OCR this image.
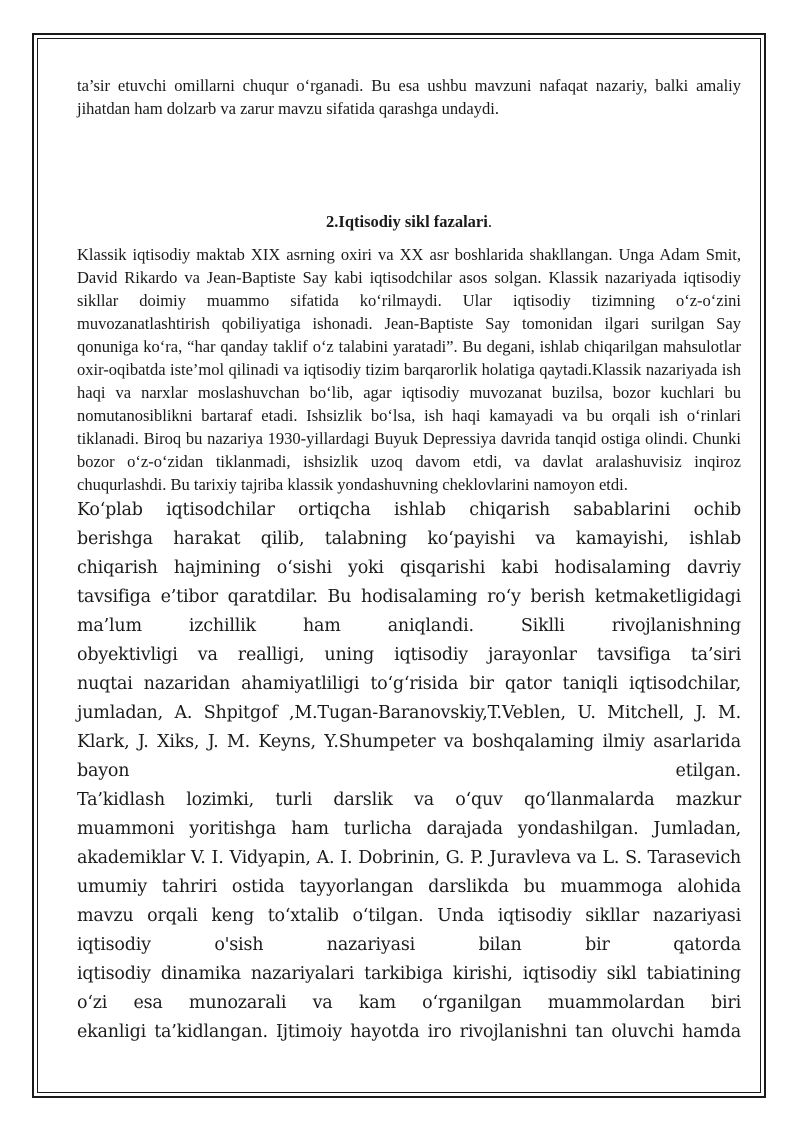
ta’sir etuvchi omillarni chuqur o‘rganadi. Bu esa ushbu mavzuni nafaqat nazariy, balki amaliy jihatdan ham dolzarb va zarur mavzu sifatida qarashga undaydi.

2.Iqtisodiy sikl fazalari.

Klassik iqtisodiy maktab XIX asrning oxiri va XX asr boshlarida shakllangan. Unga Adam Smit, David Rikardo va Jean-Baptiste Say kabi iqtisodchilar asos solgan. Klassik nazariyada iqtisodiy sikllar doimiy muammo sifatida ko‘rilmaydi. Ular iqtisodiy tizimning o‘z-o‘zini muvozanatlashtirish qobiliyatiga ishonadi. Jean-Baptiste Say tomonidan ilgari surilgan Say qonuniga ko‘ra, “har qanday taklif o‘z talabini yaratadi”. Bu degani, ishlab chiqarilgan mahsulotlar oxir-oqibatda iste’mol qilinadi va iqtisodiy tizim barqarorlik holatiga qaytadi.Klassik nazariyada ish haqi va narxlar moslashuvchan bo‘lib, agar iqtisodiy muvozanat buzilsa, bozor kuchlari bu nomutanosiblikni bartaraf etadi. Ishsizlik bo‘lsa, ish haqi kamayadi va bu orqali ish o‘rinlari tiklanadi. Biroq bu nazariya 1930-yillardagi Buyuk Depressiya davrida tanqid ostiga olindi. Chunki bozor o‘z-o‘zidan tiklanmadi, ishsizlik uzoq davom etdi, va davlat aralashuvisiz inqiroz chuqurlashdi. Bu tarixiy tajriba klassik yondashuvning cheklovlarini namoyon etdi.

Ko‘plab iqtisodchilar ortiqcha ishlab chiqarish sabablarini ochib
berishga harakat qilib, talabning ko‘payishi va kamayishi, ishlab
chiqarish hajmining o‘sishi yoki qisqarishi kabi hodisalaming davriy
tavsifiga e’tibor qaratdilar. Bu hodisalaming ro‘y berish ketmaketligidagi
ma’lum izchillik ham aniqlandi. Siklli rivojlanishning
obyektivligi va realligi, uning iqtisodiy jarayonlar tavsifiga ta’siri
nuqtai nazaridan ahamiyatliligi to‘g‘risida bir qator taniqli iqtisodchilar,
jumladan, A. Shpitgof ,M.Tugan-Baranovskiy,T.Veblen, U. Mitchell, J. M.
Klark, J. Xiks, J. M. Keyns, Y.Shumpeter va boshqalaming ilmiy asarlarida
bayon etilgan.

Ta’kidlash lozimki, turli darslik va o‘quv qo‘llanmalarda mazkur
muammoni yoritishga ham turlicha darajada yondashilgan. Jumladan,
akademiklar V. I. Vidyapin, A. I. Dobrinin, G. P. Juravleva va L. S. Tarasevich
umumiy tahriri ostida tayyorlangan darslikda bu muammoga alohida
mavzu orqali keng to‘xtalib o‘tilgan. Unda iqtisodiy sikllar nazariyasi
iqtisodiy o'sish nazariyasi bilan bir qatorda
iqtisodiy dinamika nazariyalari tarkibiga kirishi, iqtisodiy sikl tabiatining
o‘zi esa munozarali va kam o‘rganilgan muammolardan biri
ekanligi ta’kidlangan. Ijtimoiy hayotda iro rivojlanishni tan oluvchi hamda
